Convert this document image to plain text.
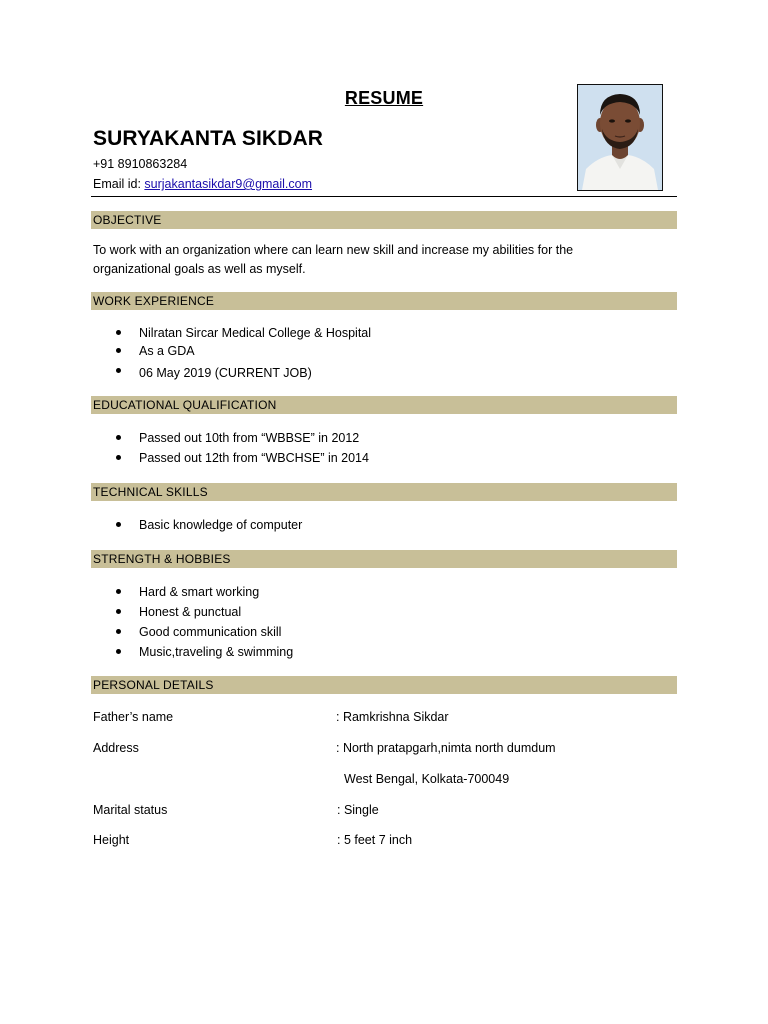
RESUME
SURYAKANTA SIKDAR
+91 8910863284
Email id: surjakantasikdar9@gmail.com
OBJECTIVE
To work with an organization where can learn new skill and increase my abilities for the
organizational goals as well as myself.
WORK EXPERIENCE
Nilratan Sircar Medical College & Hospital
As a GDA
06 May 2019 (CURRENT JOB)
EDUCATIONAL QUALIFICATION
Passed out 10th from “WBBSE” in 2012
Passed out 12th from “WBCHSE” in 2014
TECHNICAL SKILLS
Basic knowledge of computer
STRENGTH & HOBBIES
Hard & smart working
Honest & punctual
Good communication skill
Music,traveling & swimming
PERSONAL DETAILS
Father’s name	: Ramkrishna Sikdar
Address	: North pratapgarh,nimta north dumdum
West Bengal, Kolkata-700049
Marital status	: Single
Height	: 5 feet 7 inch
